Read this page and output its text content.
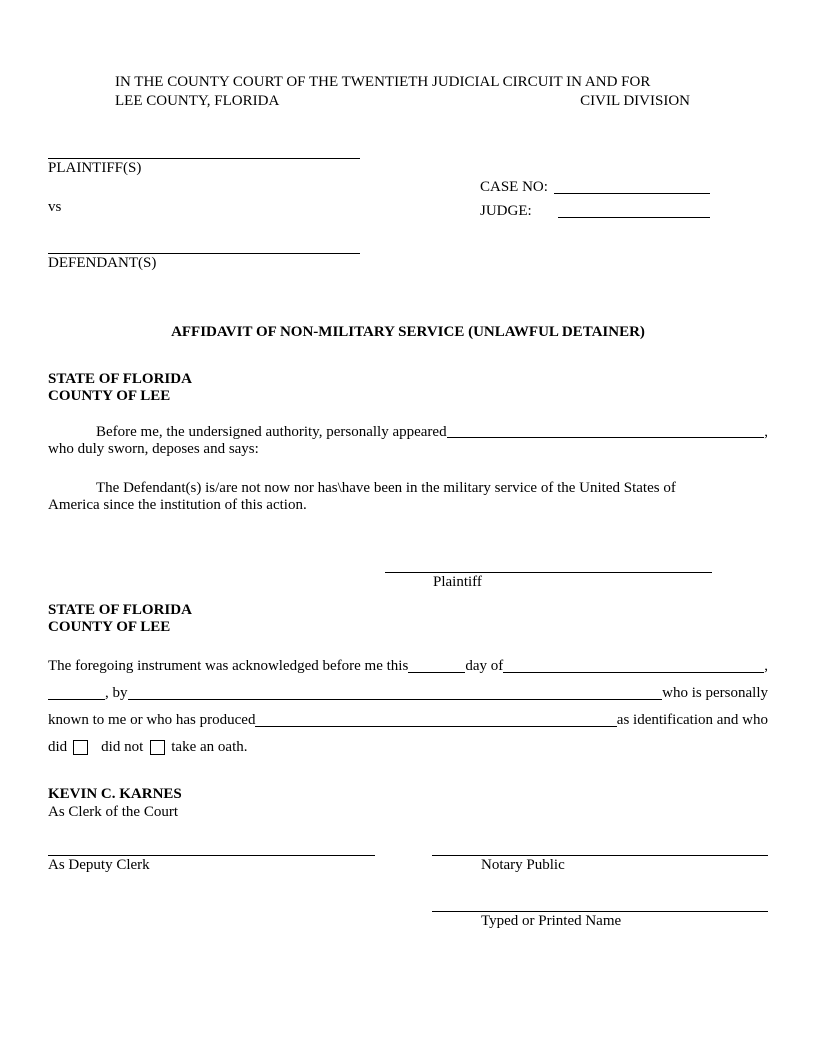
IN THE COUNTY COURT OF THE TWENTIETH JUDICIAL CIRCUIT IN AND FOR
LEE COUNTY, FLORIDA	CIVIL DIVISION
PLAINTIFF(S)
vs
DEFENDANT(S)
CASE NO:
JUDGE:
AFFIDAVIT OF NON-MILITARY SERVICE (UNLAWFUL DETAINER)
STATE OF FLORIDA
COUNTY OF LEE
Before me, the undersigned authority, personally appeared	,
who duly sworn, deposes and says:
The Defendant(s) is/are not now nor has\have been in the military service of the United States of
America since the institution of this action.
Plaintiff
STATE OF FLORIDA
COUNTY OF LEE
The foregoing instrument was acknowledged before me this	day of	,
, by	who is personally
known to me or who has produced	as identification and who
did did not take an oath.
KEVIN C. KARNES
As Clerk of the Court
As Deputy Clerk	Notary Public
Typed or Printed Name
